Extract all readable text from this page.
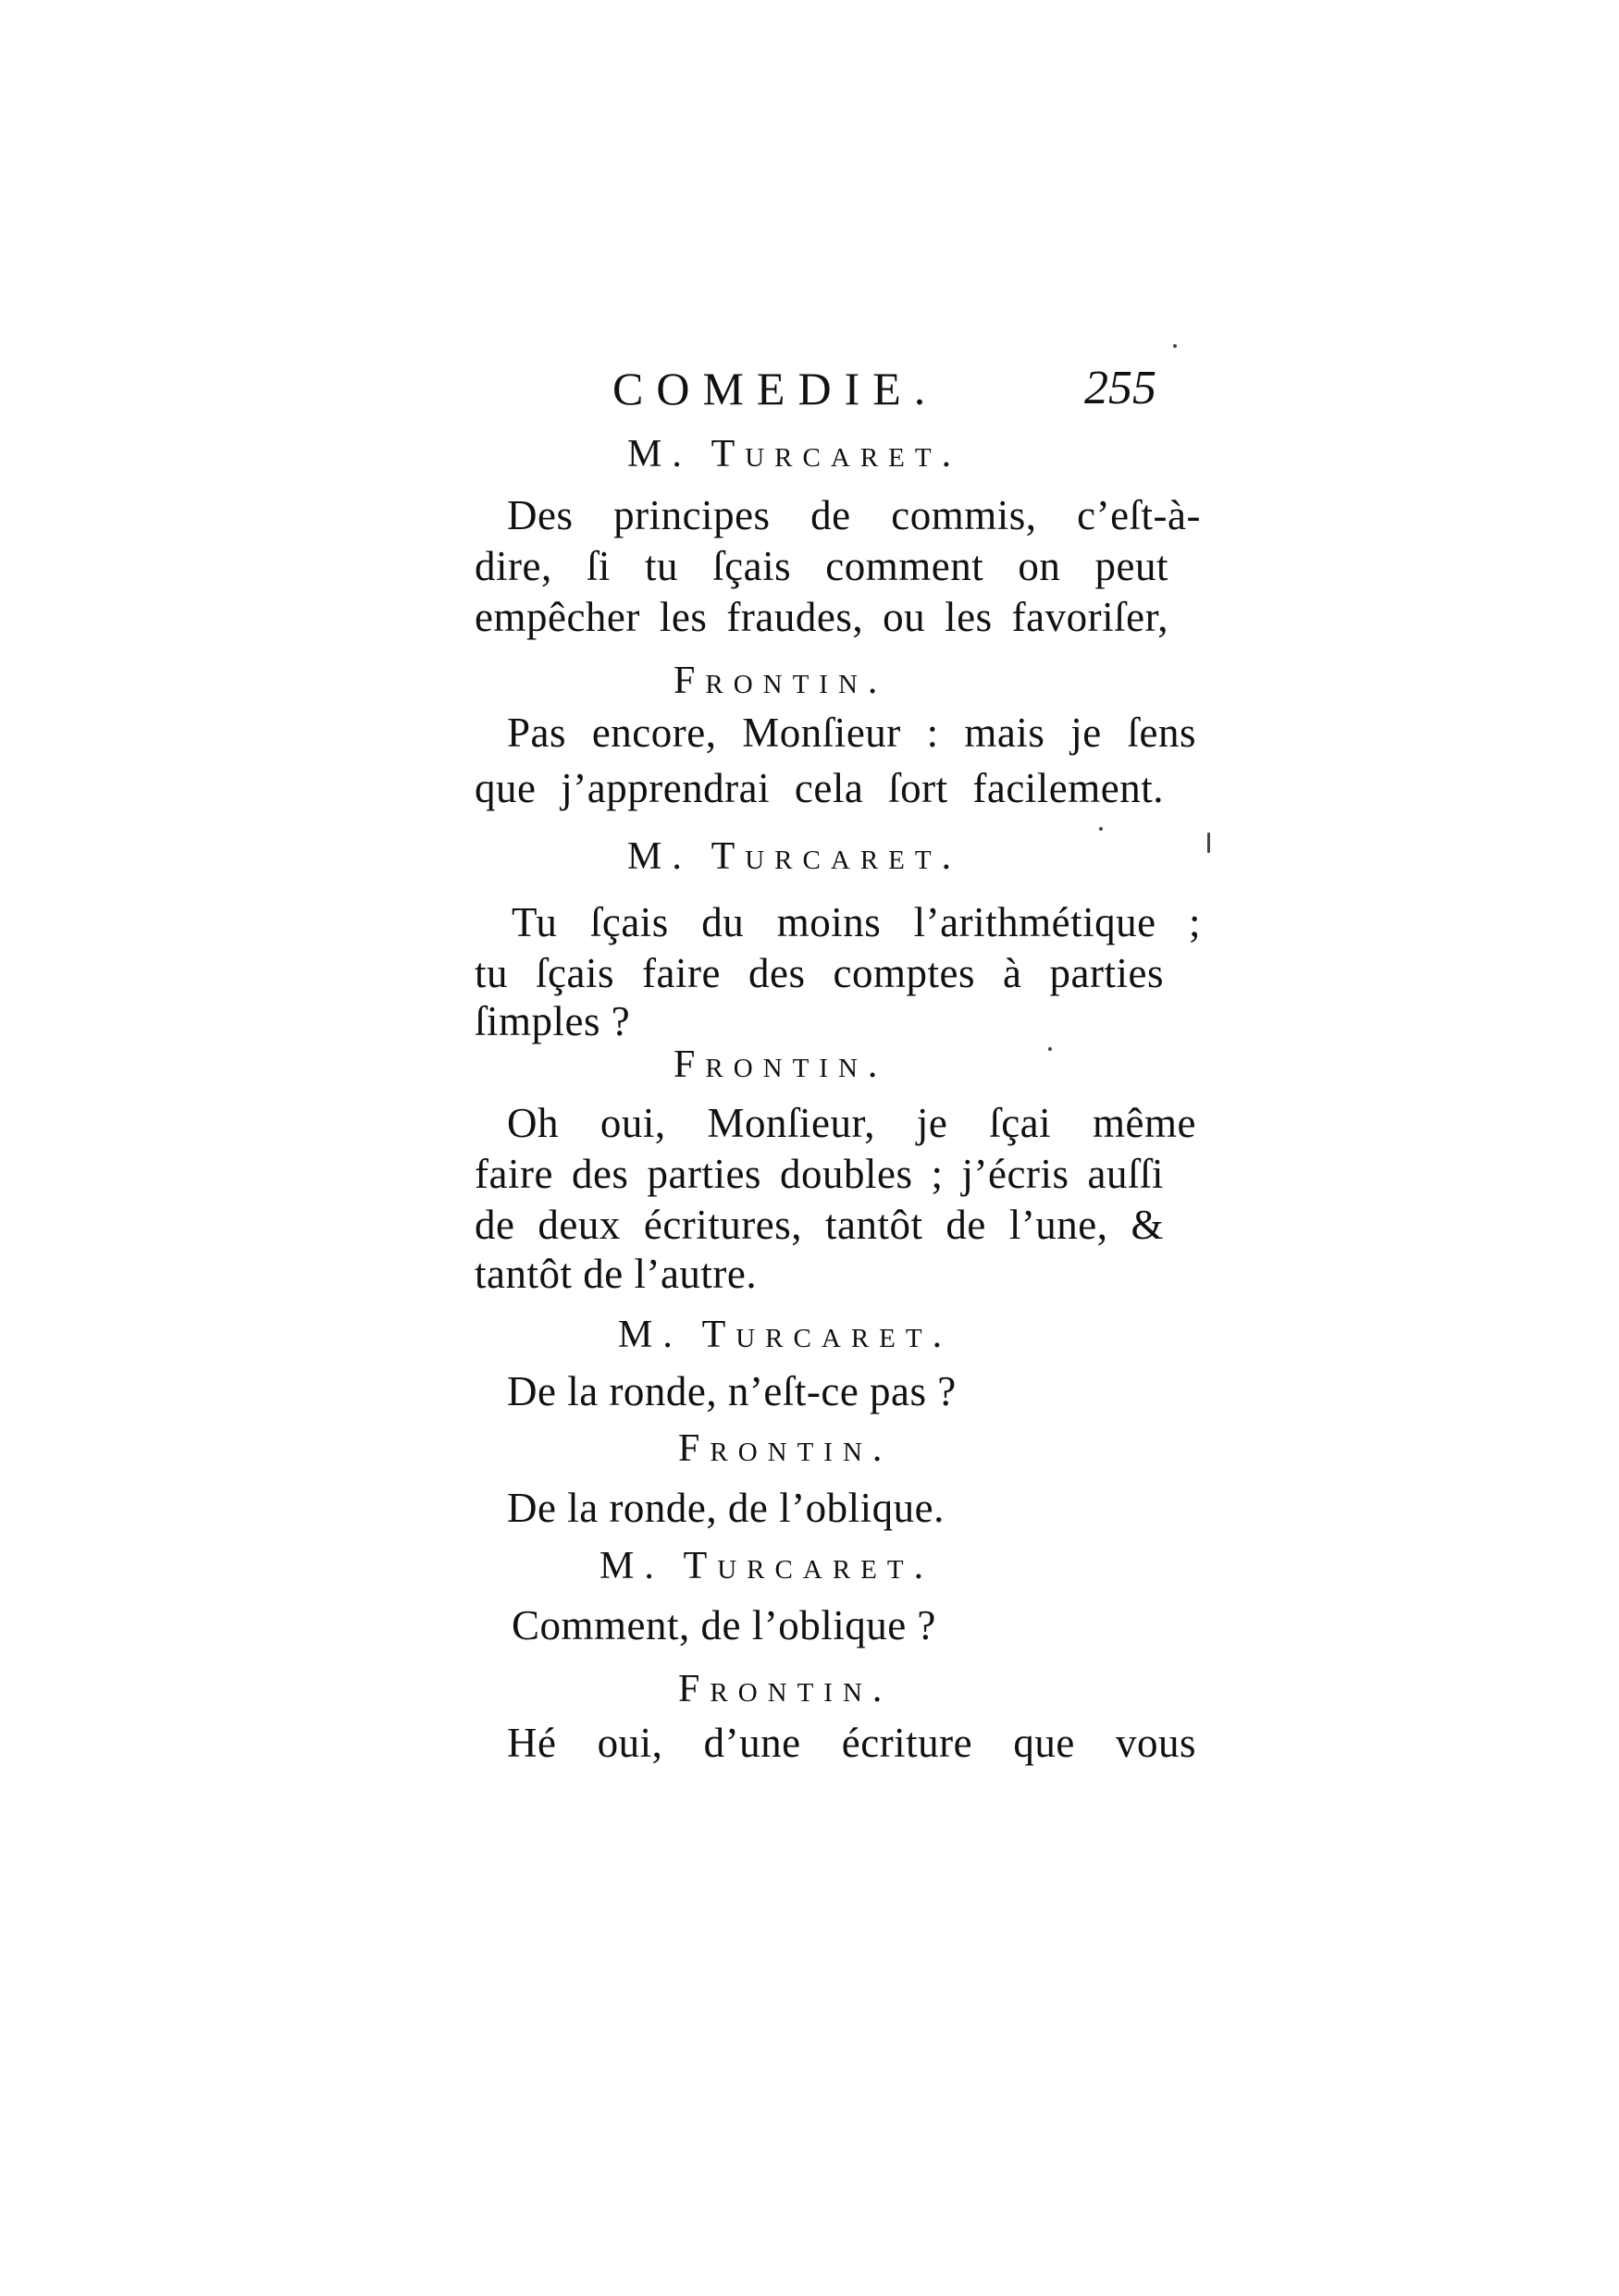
COMEDIE.	255
M. Turcaret.
Des principes de commis, c’eſt-à-
dire, ſi tu ſçais comment on peut
empêcher les fraudes, ou les favoriſer,
Frontin.
Pas encore, Monſieur : mais je ſens
que j’apprendrai cela ſort facilement.
M. Turcaret.
Tu ſçais du moins l’arithmétique ;
tu ſçais faire des comptes à parties
ſimples ?
Frontin.
Oh oui, Monſieur, je ſçai même
faire des parties doubles ; j’écris auſſi
de deux écritures, tantôt de l’une, &
tantôt de l’autre.
M. Turcaret.
De la ronde, n’eſt-ce pas ?
Frontin.
De la ronde, de l’oblique.
M. Turcaret.
Comment, de l’oblique ?
Frontin.
Hé oui, d’une écriture que vous
